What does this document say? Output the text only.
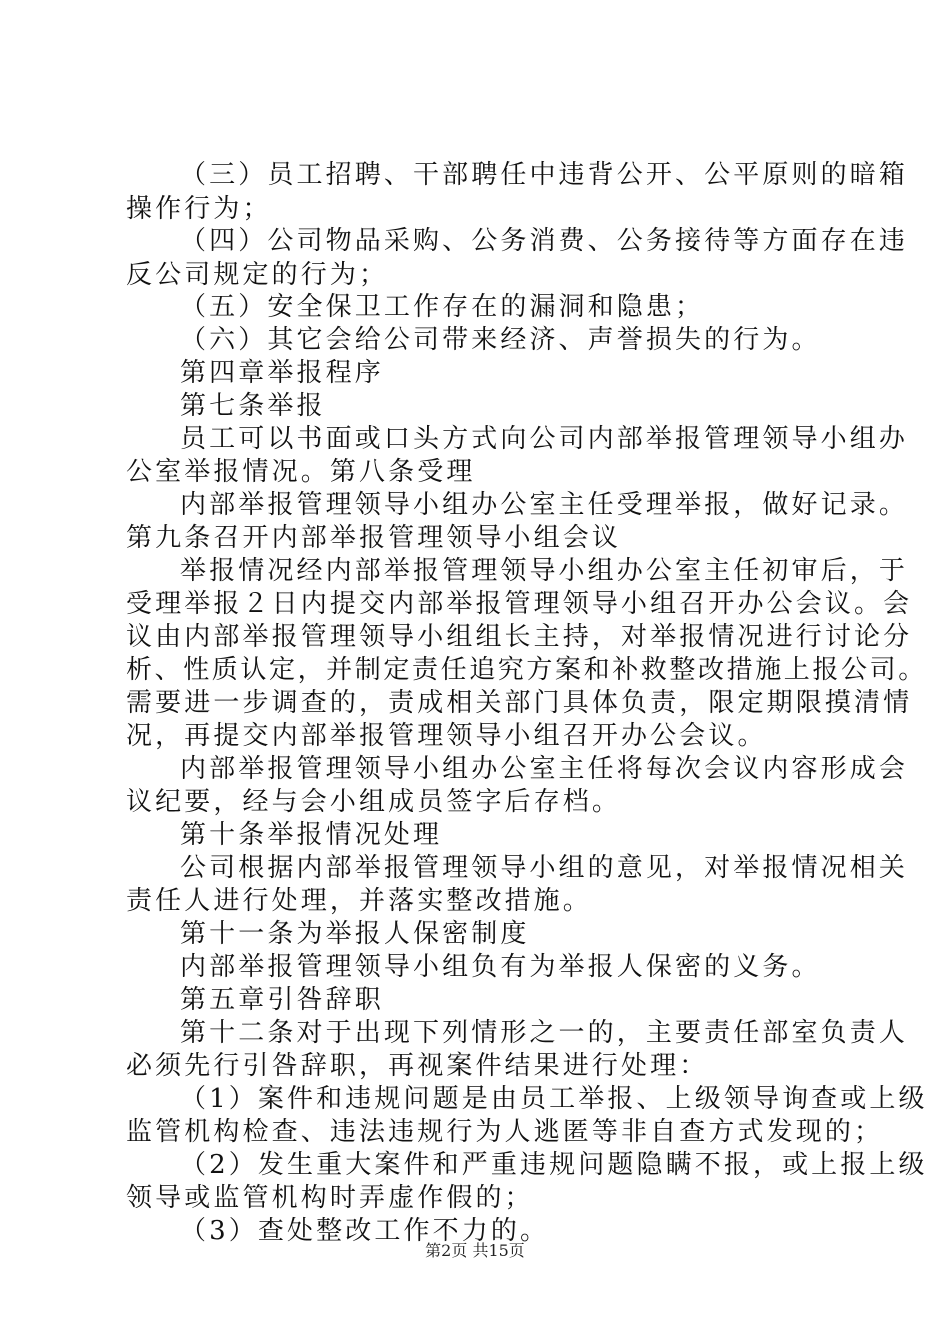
（三）员工招聘、干部聘任中违背公开、公平原则的暗箱
操作行为；
（四）公司物品采购、公务消费、公务接待等方面存在违
反公司规定的行为；
（五）安全保卫工作存在的漏洞和隐患；
（六）其它会给公司带来经济、声誉损失的行为。
第四章举报程序
第七条举报
员工可以书面或口头方式向公司内部举报管理领导小组办
公室举报情况。第八条受理
内部举报管理领导小组办公室主任受理举报，做好记录。
第九条召开内部举报管理领导小组会议
举报情况经内部举报管理领导小组办公室主任初审后，于
受理举报２日内提交内部举报管理领导小组召开办公会议。会
议由内部举报管理领导小组组长主持，对举报情况进行讨论分
析、性质认定，并制定责任追究方案和补救整改措施上报公司。
需要进一步调查的，责成相关部门具体负责，限定期限摸清情
况，再提交内部举报管理领导小组召开办公会议。
内部举报管理领导小组办公室主任将每次会议内容形成会
议纪要，经与会小组成员签字后存档。
第十条举报情况处理
公司根据内部举报管理领导小组的意见，对举报情况相关
责任人进行处理，并落实整改措施。
第十一条为举报人保密制度
内部举报管理领导小组负有为举报人保密的义务。
第五章引咎辞职
第十二条对于出现下列情形之一的，主要责任部室负责人
必须先行引咎辞职，再视案件结果进行处理：
（1）案件和违规问题是由员工举报、上级领导询查或上级
监管机构检查、违法违规行为人逃匿等非自查方式发现的；
（2）发生重大案件和严重违规问题隐瞒不报，或上报上级
领导或监管机构时弄虚作假的；
（3）查处整改工作不力的。
第2页 共15页
